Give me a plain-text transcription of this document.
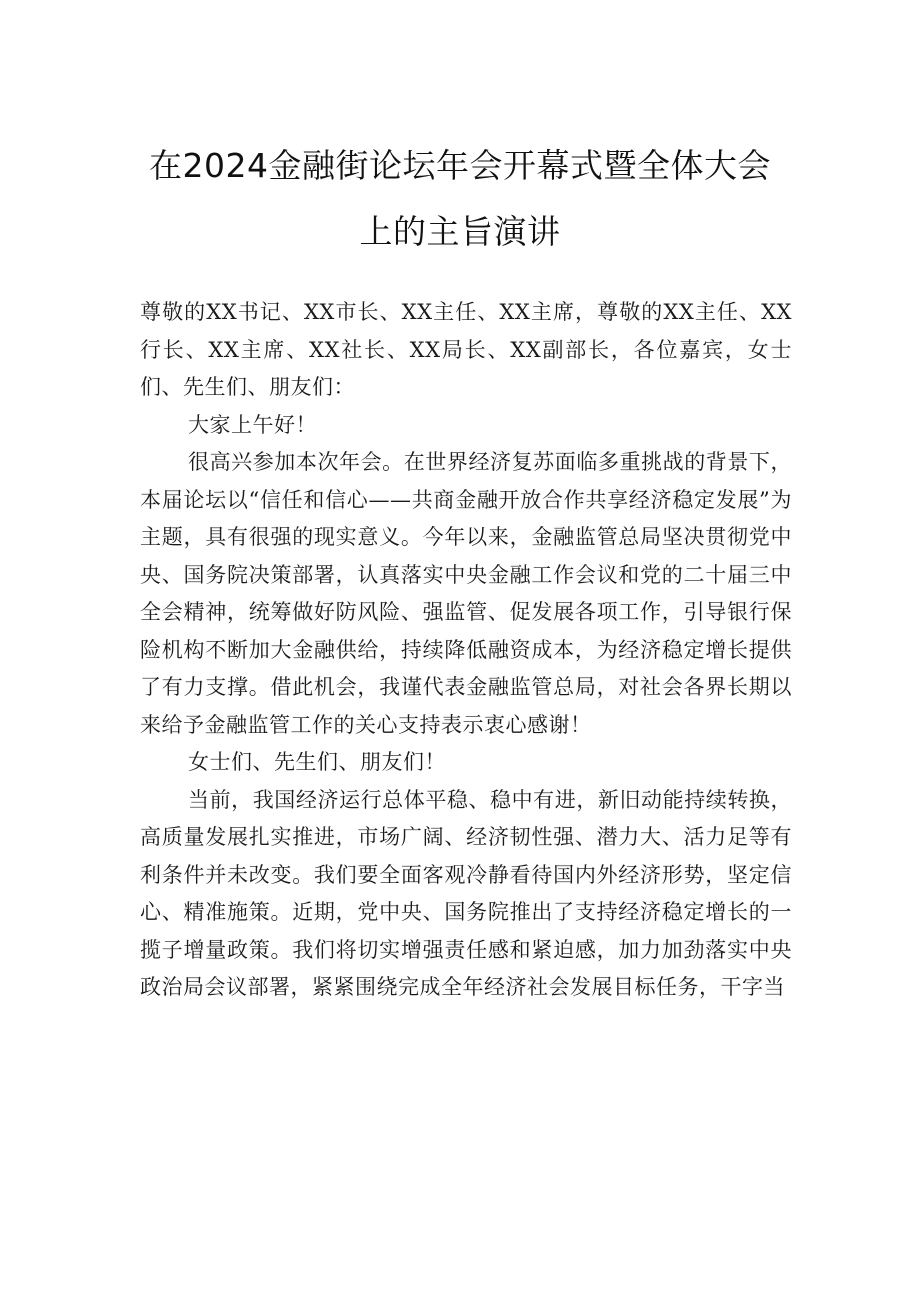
在2024金融街论坛年会开幕式暨全体大会
上的主旨演讲

尊敬的XX书记、XX市长、XX主任、XX主席，尊敬的XX主任、XX行长、XX主席、XX社长、XX局长、XX副部长，各位嘉宾，女士们、先生们、朋友们：

大家上午好！

很高兴参加本次年会。在世界经济复苏面临多重挑战的背景下，本届论坛以“信任和信心——共商金融开放合作共享经济稳定发展”为主题，具有很强的现实意义。今年以来，金融监管总局坚决贯彻党中央、国务院决策部署，认真落实中央金融工作会议和党的二十届三中全会精神，统筹做好防风险、强监管、促发展各项工作，引导银行保险机构不断加大金融供给，持续降低融资成本，为经济稳定增长提供了有力支撑。借此机会，我谨代表金融监管总局，对社会各界长期以来给予金融监管工作的关心支持表示衷心感谢！

女士们、先生们、朋友们！

当前，我国经济运行总体平稳、稳中有进，新旧动能持续转换，高质量发展扎实推进，市场广阔、经济韧性强、潜力大、活力足等有利条件并未改变。我们要全面客观冷静看待国内外经济形势，坚定信心、精准施策。近期，党中央、国务院推出了支持经济稳定增长的一揽子增量政策。我们将切实增强责任感和紧迫感，加力加劲落实中央政治局会议部署，紧紧围绕完成全年经济社会发展目标任务，干字当
